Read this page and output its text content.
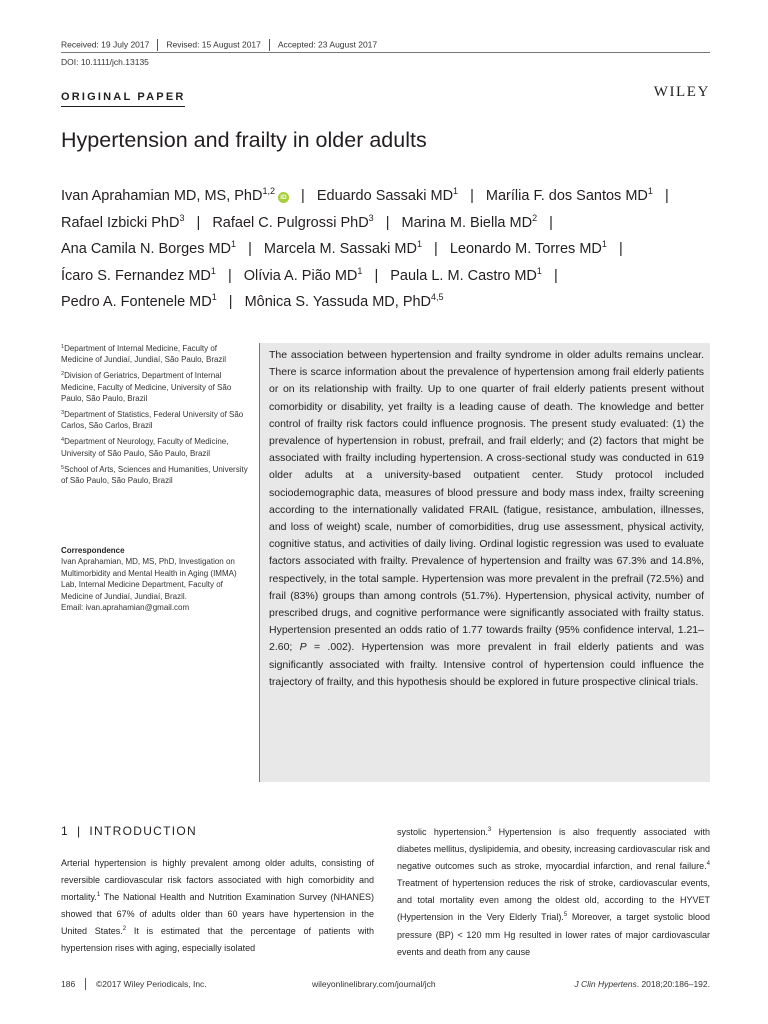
Received: 19 July 2017 Revised: 15 August 2017 Accepted: 23 August 2017
DOI: 10.1111/jch.13135
ORIGINAL PAPER	WILEY
Hypertension and frailty in older adults
Ivan Aprahamian MD, MS, PhD$^{1,2}$iD | Eduardo Sassaki $MD^1$ | Marília F. dos Santos $MD^1$ |
Rafael Izbicki PhD$^3$ | Rafael C. Pulgrossi PhD$^3$ | Marina M. Biella $MD^2$ |
Ana Camila N. Borges $MD^1$ | Marcela M. Sassaki $MD^1$ | Leonardo M. Torres $MD^1$ |
Ícaro S. Fernandez $MD^1$ | Olívia A. Pião $MD^1$ | Paula L. M. Castro $MD^1$ |
Pedro A. Fontenele $MD^1$ | Mônica S. Yassuda MD, PhD$^{4,5}$
$^1$Department of Internal Medicine, Faculty of Medicine of Jundiaí, Jundiaí, São Paulo, Brazil
$^2$Division of Geriatrics, Department of Internal Medicine, Faculty of Medicine, University of São Paulo, São Paulo, Brazil
$^3$Department of Statistics, Federal University of São Carlos, São Carlos, Brazil
$^4$Department of Neurology, Faculty of Medicine, University of São Paulo, São Paulo, Brazil
$^5$School of Arts, Sciences and Humanities, University of São Paulo, São Paulo, Brazil
Correspondence
Ivan Aprahamian, MD, MS, PhD, Investigation on Multimorbidity and Mental Health in Aging (IMMA) Lab, Internal Medicine Department, Faculty of Medicine of Jundiaí, Jundiaí, Brazil.
Email: ivan.aprahamian@gmail.com

The association between hypertension and frailty syndrome in older adults remains unclear. There is scarce information about the prevalence of hypertension among frail elderly patients or on its relationship with frailty. Up to one quarter of frail elderly patients present without comorbidity or disability, yet frailty is a leading cause of death. The knowledge and better control of frailty risk factors could influence prognosis. The present study evaluated: (1) the prevalence of hypertension in robust, prefrail, and frail elderly; and (2) factors that might be associated with frailty including hypertension. A cross-sectional study was conducted in 619 older adults at a university-based outpatient center. Study protocol included sociodemographic data, measures of blood pressure and body mass index, frailty screening according to the internationally validated FRAIL (fatigue, resistance, ambulation, illnesses, and loss of weight) scale, number of comorbidities, drug use assessment, physical activity, cognitive status, and activities of daily living. Ordinal logistic regression was used to evaluate factors associated with frailty. Prevalence of hypertension and frailty was 67.3% and 14.8%, respectively, in the total sample. Hypertension was more prevalent in the prefrail (72.5%) and frail (83%) groups than among controls (51.7%). Hypertension, physical activity, number of prescribed drugs, and cognitive performance were significantly associated with frailty status. Hypertension presented an odds ratio of 1.77 towards frailty (95% confidence interval, 1.21–2.60; P = .002). Hypertension was more prevalent in frail elderly patients and was significantly associated with frailty. Intensive control of hypertension could influence the trajectory of frailty, and this hypothesis should be explored in future prospective clinical trials.

1 | INTRODUCTION

Arterial hypertension is highly prevalent among older adults, consisting of reversible cardiovascular risk factors associated with high comorbidity and mortality.$^1$ The National Health and Nutrition Examination Survey (NHANES) showed that 67% of adults older than 60 years have hypertension in the United States.$^2$ It is estimated that the percentage of patients with hypertension rises with aging, especially isolated

systolic hypertension.$^3$ Hypertension is also frequently associated with diabetes mellitus, dyslipidemia, and obesity, increasing cardiovascular risk and negative outcomes such as stroke, myocardial infarction, and renal failure.$^4$ Treatment of hypertension reduces the risk of stroke, cardiovascular events, and total mortality even among the oldest old, according to the HYVET (Hypertension in the Very Elderly Trial).$^5$ Moreover, a target systolic blood pressure (BP) < 120 mm Hg resulted in lower rates of major cardiovascular events and death from any cause

186 ©2017 Wiley Periodicals, Inc.	wileyonlinelibrary.com/journal/jch	J Clin Hypertens. 2018;20:186–192.
